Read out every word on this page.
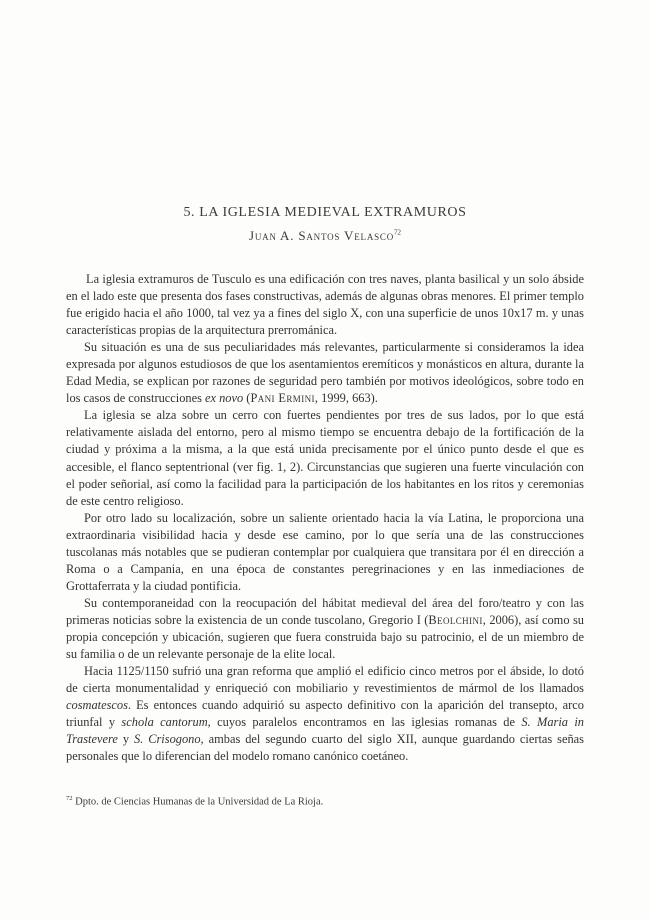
5. LA IGLESIA MEDIEVAL EXTRAMUROS
Juan A. Santos Velasco$^{72}$

La iglesia extramuros de Tusculo es una edificación con tres naves, planta basilical y un solo ábside en el lado este que presenta dos fases constructivas, además de algunas obras menores. El primer templo fue erigido hacia el año 1000, tal vez ya a fines del siglo X, con una superficie de unos 10x17 m. y unas características propias de la arquitectura prerrománica.

Su situación es una de sus peculiaridades más relevantes, particularmente si consideramos la idea expresada por algunos estudiosos de que los asentamientos eremíticos y monásticos en altura, durante la Edad Media, se explican por razones de seguridad pero también por motivos ideológicos, sobre todo en los casos de construcciones ex novo (Pani Ermini, 1999, 663).

La iglesia se alza sobre un cerro con fuertes pendientes por tres de sus lados, por lo que está relativamente aislada del entorno, pero al mismo tiempo se encuentra debajo de la fortificación de la ciudad y próxima a la misma, a la que está unida precisamente por el único punto desde el que es accesible, el flanco septentrional (ver fig. 1, 2). Circunstancias que sugieren una fuerte vinculación con el poder señorial, así como la facilidad para la participación de los habitantes en los ritos y ceremonias de este centro religioso.

Por otro lado su localización, sobre un saliente orientado hacia la vía Latina, le proporciona una extraordinaria visibilidad hacia y desde ese camino, por lo que sería una de las construcciones tuscolanas más notables que se pudieran contemplar por cualquiera que transitara por él en dirección a Roma o a Campania, en una época de constantes peregrinaciones y en las inmediaciones de Grottaferrata y la ciudad pontificia.

Su contemporaneidad con la reocupación del hábitat medieval del área del foro/teatro y con las primeras noticias sobre la existencia de un conde tuscolano, Gregorio I (Beolchini, 2006), así como su propia concepción y ubicación, sugieren que fuera construida bajo su patrocinio, el de un miembro de su familia o de un relevante personaje de la elite local.

Hacia 1125/1150 sufrió una gran reforma que amplió el edificio cinco metros por el ábside, lo dotó de cierta monumentalidad y enriqueció con mobiliario y revestimientos de mármol de los llamados cosmatescos. Es entonces cuando adquirió su aspecto definitivo con la aparición del transepto, arco triunfal y schola cantorum, cuyos paralelos encontramos en las iglesias romanas de S. Maria in Trastevere y S. Crisogono, ambas del segundo cuarto del siglo XII, aunque guardando ciertas señas personales que lo diferencian del modelo romano canónico coetáneo.

$^{72}$ Dpto. de Ciencias Humanas de la Universidad de La Rioja.
